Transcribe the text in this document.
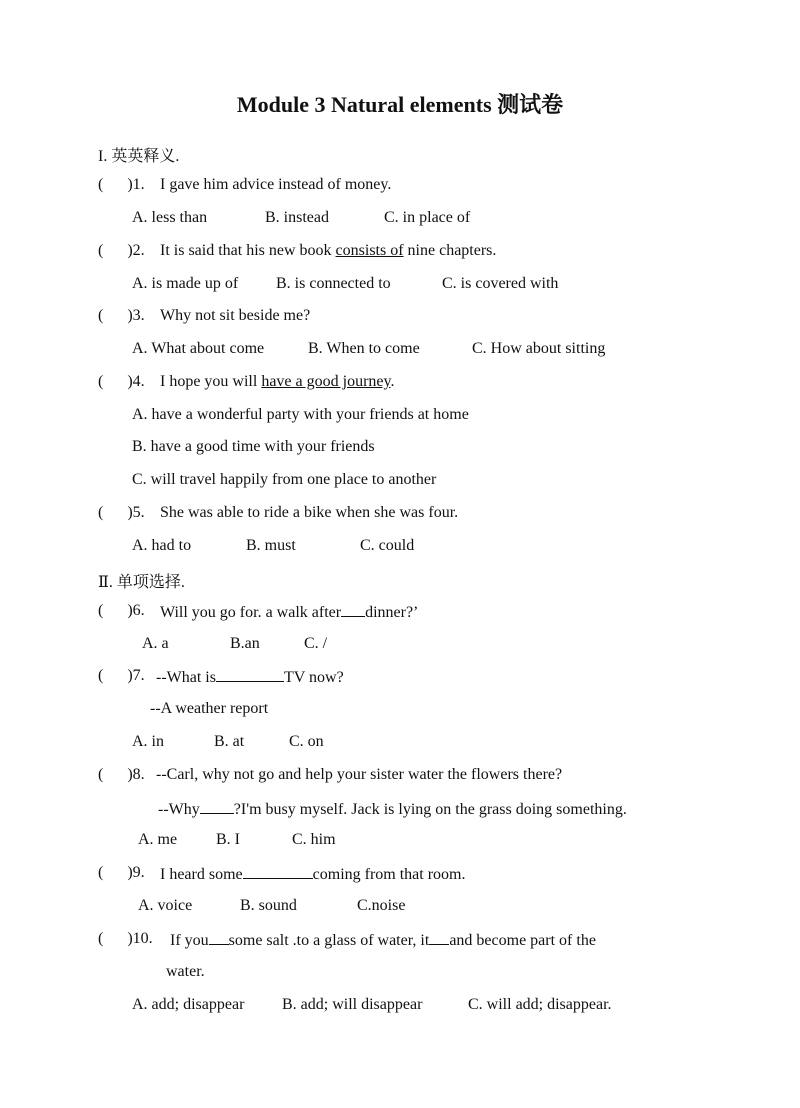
Module 3 Natural elements 测试卷
I. 英英释义.
(      )1. I gave him advice instead of money.
A. less than	B. instead	C. in place of
(      )2. It is said that his new book consists of nine chapters.
A. is made up of B. is connected to	C. is covered with
(      )3. Why not sit beside me?
A. What about come	B. When to come	C. How about sitting
(      )4. I hope you will have a good journey.
A. have a wonderful party with your friends at home
B. have a good time with your friends
C. will travel happily from one place to another
(      )5. She was able to ride a bike when she was four.
A. had to	B. must	C. could
Ⅱ. 单项选择.
(      )6. Will you go for. a walk after dinner?’
A. a	B.an	C. /
(      )7. --What is	TV now?
--A weather report
A. in	B. at	C. on
(      )8. --Carl, why not go and help your sister water the flowers there?
--Why ?I'm busy myself. Jack is lying on the grass doing something.
A. me B. I	C. him
(      )9. I heard some	coming from that room.
A. voice	B. sound	C.noise
(      )10. If you some salt .to a glass of water, it and become part of the
water.
A. add; disappear B. add; will disappear	C. will add; disappear.
